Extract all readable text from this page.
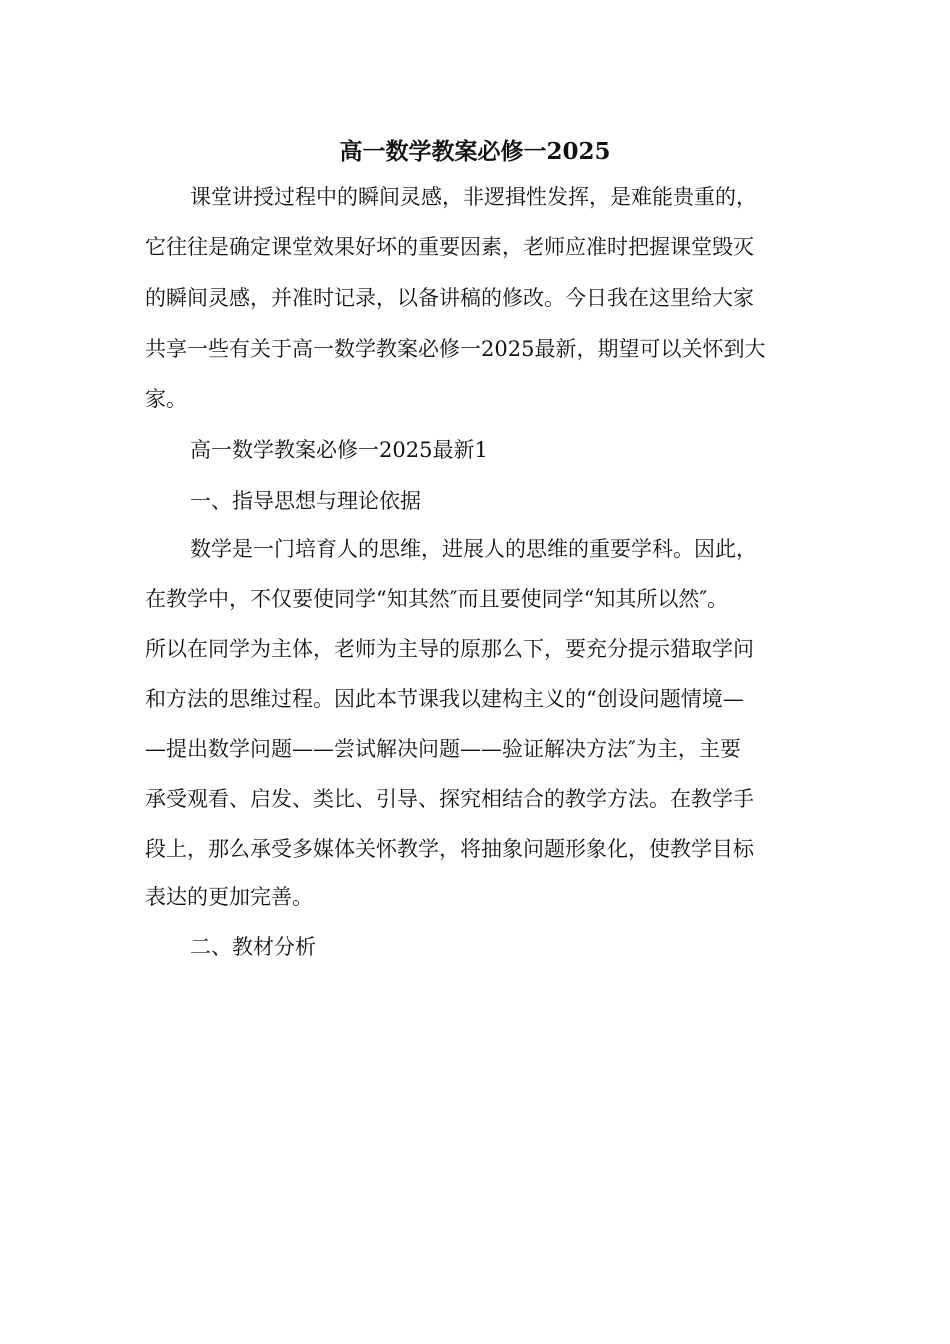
高一数学教案必修一2025

课堂讲授过程中的瞬间灵感，非逻揖性发挥，是难能贵重的，

它往往是确定课堂效果好坏的重要因素，老师应准时把握课堂毁灭

的瞬间灵感，并准时记录，以备讲稿的修改。今日我在这里给大家

共享一些有关于高一数学教案必修一2025最新，期望可以关怀到大

家。

高一数学教案必修一2025最新1

一、指导思想与理论依据

数学是一门培育人的思维，进展人的思维的重要学科。因此，

在教学中，不仅要使同学“知其然″而且要使同学“知其所以然″。

所以在同学为主体，老师为主导的原那么下，要充分提示猎取学问

和方法的思维过程。因此本节课我以建构主义的“创设问题情境—

—提出数学问题——尝试解决问题——验证解决方法″为主，主要

承受观看、启发、类比、引导、探究相结合的教学方法。在教学手

段上，那么承受多媒体关怀教学，将抽象问题形象化，使教学目标

表达的更加完善。

二、教材分析
